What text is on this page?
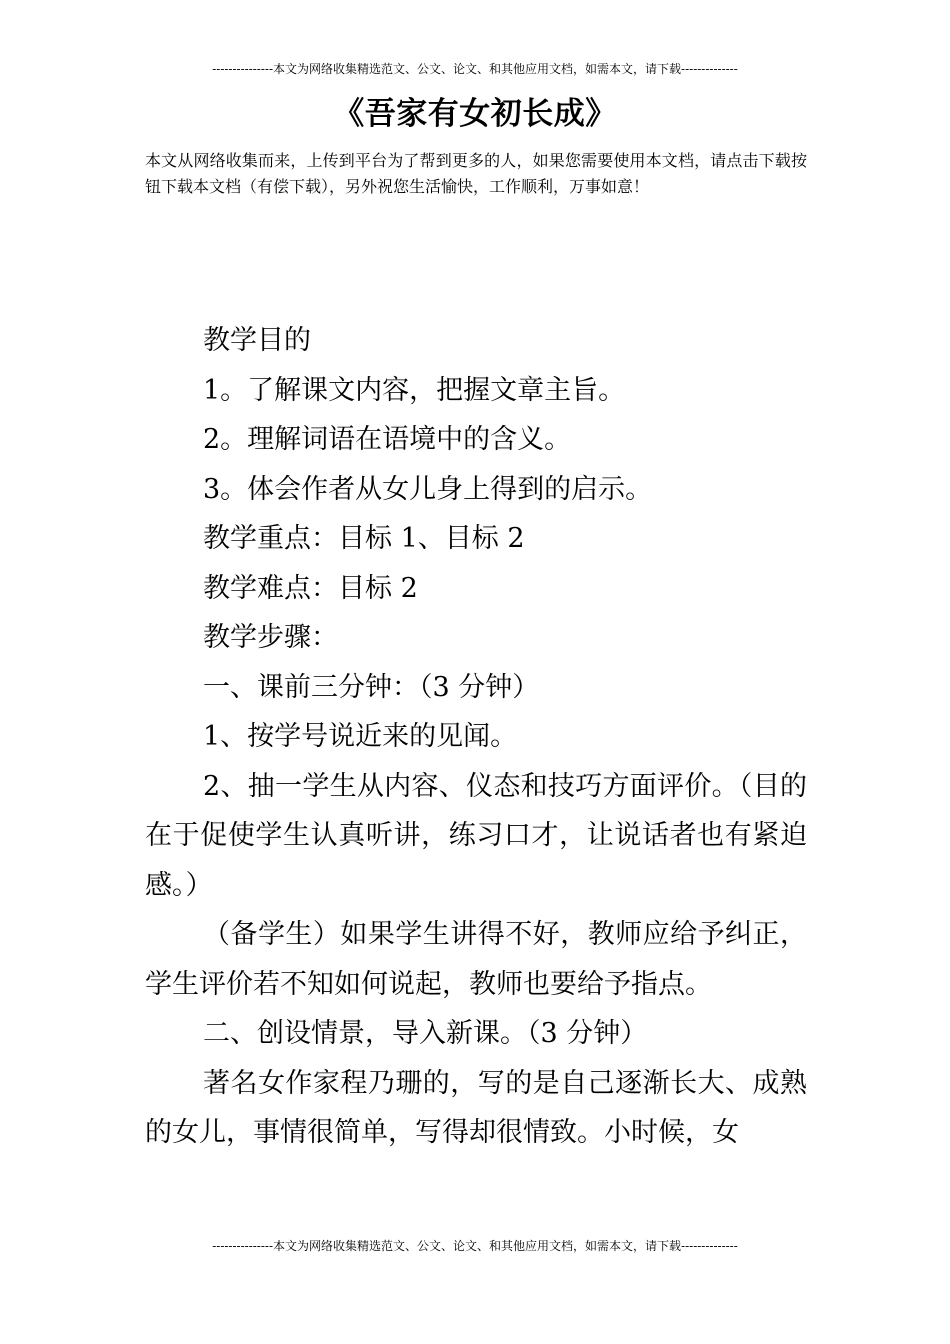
---------------本文为网络收集精选范文、公文、论文、和其他应用文档，如需本文，请下载--------------
《吾家有女初长成》
本文从网络收集而来，上传到平台为了帮到更多的人，如果您需要使用本文档，请点击下载按钮下载本文档（有偿下载），另外祝您生活愉快，工作顺利，万事如意！

教学目的

1。了解课文内容，把握文章主旨。

2。理解词语在语境中的含义。

3。体会作者从女儿身上得到的启示。

教学重点：目标 1、目标 2

教学难点：目标 2

教学步骤：

一、课前三分钟：（3 分钟）

1、按学号说近来的见闻。

2、抽一学生从内容、仪态和技巧方面评价。（目的在于促使学生认真听讲，练习口才，让说话者也有紧迫感。）

（备学生）如果学生讲得不好，教师应给予纠正，学生评价若不知如何说起，教师也要给予指点。

二、创设情景，导入新课。（3 分钟）

著名女作家程乃珊的，写的是自己逐渐长大、成熟的女儿，事情很简单，写得却很情致。小时候，女

---------------本文为网络收集精选范文、公文、论文、和其他应用文档，如需本文，请下载--------------
